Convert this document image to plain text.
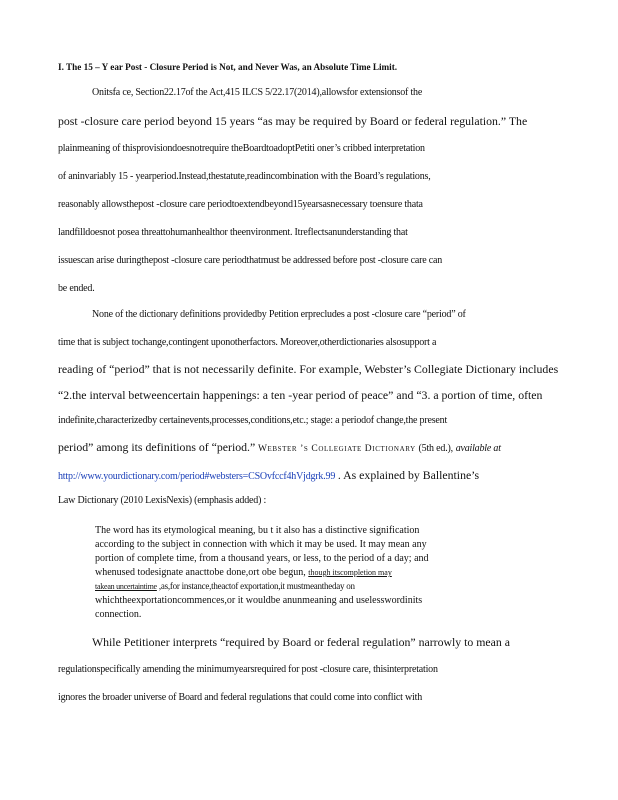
I. The 15 – Y ear Post - Closure Period is Not, and Never Was, an Absolute Time Limit.
Onitsfa ce, Section22.17of the Act,415 ILCS 5/22.17(2014),allowsfor extensionsof the
post -closure care period beyond 15 years “as may be required by Board or federal regulation.” The
plainmeaning of thisprovisiondoesnotrequire theBoardtoadoptPetiti oner’s cribbed interpretation
of aninvariably 15 - yearperiod.Instead,thestatute,readincombination with the Board’s regulations,
reasonably allowsthepost -closure care periodtoextendbeyond15yearsasnecessary toensure thata
landfilldoesnot posea threattohumanhealthor theenvironment. Itreflectsanunderstanding that
issuescan arise duringthepost -closure care periodthatmust be addressed before post -closure care can
be ended.
None of the dictionary definitions providedby Petition erprecludes a post -closure care “period” of
time that is subject tochange,contingent uponotherfactors. Moreover,otherdictionaries alsosupport a
reading of “period” that is not necessarily definite. For example, Webster’s Collegiate Dictionary includes
“2.the interval betweencertain happenings: a ten -year period of peace” and “3. a portion of time, often
indefinite,characterizedby certainevents,processes,conditions,etc.; stage: a periodof change,the present
period” among its definitions of “period.” Webster ’s Collegiate Dictionary (5th ed.), available at
http://www.yourdictionary.com/period#websters=CSOvfccf4hVjdgrk.99 . As explained by Ballentine’s
Law Dictionary (2010 LexisNexis) (emphasis added) :
The word has its etymological meaning, bu t it also has a distinctive signification
according to the subject in connection with which it may be used. It may mean any
portion of complete time, from a thousand years, or less, to the period of a day; and
whenused todesignate anacttobe done,ort obe begun, though itscompletion may
takean uncertaintime ,as,for instance,theactof exportation,it mustmeantheday on
whichtheexportationcommences,or it wouldbe anunmeaning and uselesswordinits
connection.
While Petitioner interprets “required by Board or federal regulation” narrowly to mean a
regulationspecifically amending the minimumyearsrequired for post -closure care, thisinterpretation
ignores the broader universe of Board and federal regulations that could come into conflict with
